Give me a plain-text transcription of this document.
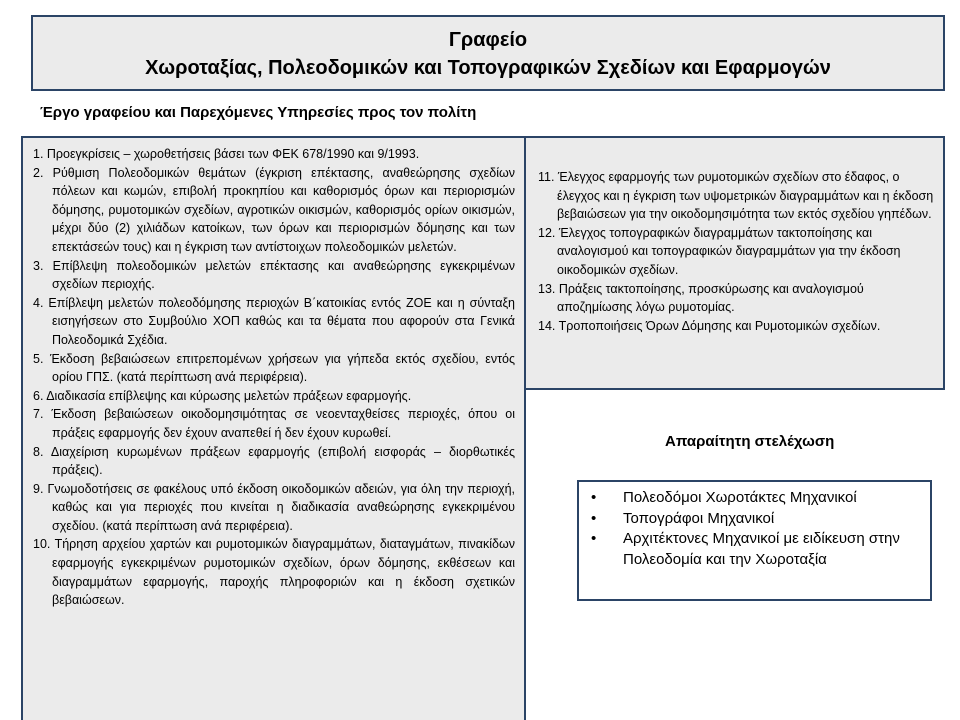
Γραφείο
Χωροταξίας, Πολεοδομικών και Τοπογραφικών Σχεδίων και Εφαρμογών
Έργο γραφείου και Παρεχόμενες Υπηρεσίες προς τον πολίτη
1. Προεγκρίσεις – χωροθετήσεις βάσει των ΦΕΚ 678/1990 και 9/1993.
2. Ρύθμιση Πολεοδομικών θεμάτων (έγκριση επέκτασης, αναθεώρησης σχεδίων πόλεων και κωμών, επιβολή προκηπίου και καθορισμός όρων και περιορισμών δόμησης, ρυμοτομικών σχεδίων, αγροτικών οικισμών, καθορισμός ορίων οικισμών, μέχρι δύο (2) χιλιάδων κατοίκων, των όρων και περιορισμών δόμησης και των επεκτάσεών τους) και η έγκριση των αντίστοιχων πολεοδομικών μελετών.
3. Επίβλεψη πολεοδομικών μελετών επέκτασης και αναθεώρησης εγκεκριμένων σχεδίων περιοχής.
4. Επίβλεψη μελετών πολεοδόμησης περιοχών Β΄κατοικίας εντός ΖΟΕ και η σύνταξη εισηγήσεων στο Συμβούλιο ΧΟΠ καθώς και τα θέματα που αφορούν στα Γενικά Πολεοδομικά Σχέδια.
5. Έκδοση βεβαιώσεων επιτρεπομένων χρήσεων για γήπεδα εκτός σχεδίου, εντός ορίου ΓΠΣ. (κατά περίπτωση ανά περιφέρεια).
6. Διαδικασία επίβλεψης και κύρωσης μελετών πράξεων εφαρμογής.
7. Έκδοση βεβαιώσεων οικοδομησιμότητας σε νεοενταχθείσες περιοχές, όπου οι πράξεις εφαρμογής δεν έχουν αναπεθεί ή δεν έχουν κυρωθεί.
8. Διαχείριση κυρωμένων πράξεων εφαρμογής (επιβολή εισφοράς – διορθωτικές πράξεις).
9. Γνωμοδοτήσεις σε φακέλους υπό έκδοση οικοδομικών αδειών, για όλη την περιοχή, καθώς και για περιοχές που κινείται η διαδικασία αναθεώρησης εγκεκριμένου σχεδίου. (κατά περίπτωση ανά περιφέρεια).
10. Τήρηση αρχείου χαρτών και ρυμοτομικών διαγραμμάτων, διαταγμάτων, πινακίδων εφαρμογής εγκεκριμένων ρυμοτομικών σχεδίων, όρων δόμησης, εκθέσεων και διαγραμμάτων εφαρμογής, παροχής πληροφοριών και η έκδοση σχετικών βεβαιώσεων.
11. Έλεγχος εφαρμογής των ρυμοτομικών σχεδίων στο έδαφος, ο έλεγχος και η έγκριση των υψομετρικών διαγραμμάτων και η έκδοση βεβαιώσεων για την οικοδομησιμότητα των εκτός σχεδίου γηπέδων.
12. Έλεγχος τοπογραφικών διαγραμμάτων τακτοποίησης και αναλογισμού και τοπογραφικών διαγραμμάτων για την έκδοση οικοδομικών σχεδίων.
13. Πράξεις τακτοποίησης, προσκύρωσης και αναλογισμού αποζημίωσης λόγω ρυμοτομίας.
14. Τροποποιήσεις Όρων Δόμησης και Ρυμοτομικών σχεδίων.
Απαραίτητη στελέχωση
• Πολεοδόμοι Χωροτάκτες Μηχανικοί
• Τοπογράφοι Μηχανικοί
• Αρχιτέκτονες Μηχανικοί με ειδίκευση στην Πολεοδομία και την Χωροταξία
